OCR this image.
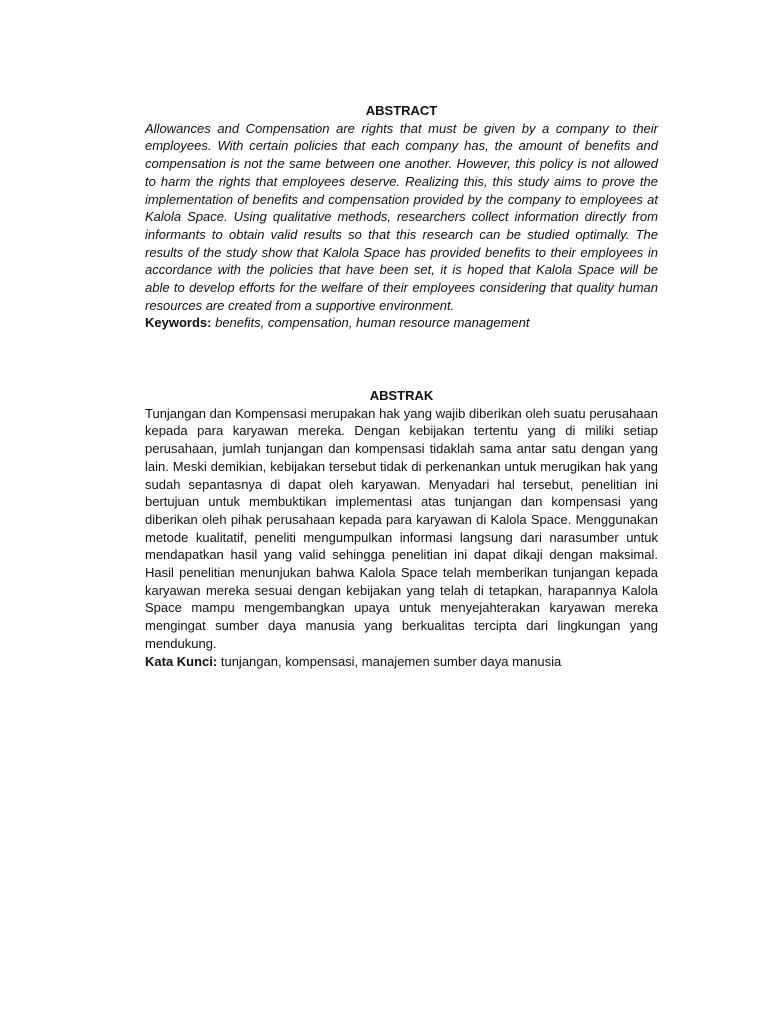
ABSTRACT

Allowances and Compensation are rights that must be given by a company to their employees. With certain policies that each company has, the amount of benefits and compensation is not the same between one another. However, this policy is not allowed to harm the rights that employees deserve. Realizing this, this study aims to prove the implementation of benefits and compensation provided by the company to employees at Kalola Space. Using qualitative methods, researchers collect information directly from informants to obtain valid results so that this research can be studied optimally. The results of the study show that Kalola Space has provided benefits to their employees in accordance with the policies that have been set, it is hoped that Kalola Space will be able to develop efforts for the welfare of their employees considering that quality human resources are created from a supportive environment.

Keywords: benefits, compensation, human resource management

ABSTRAK

Tunjangan dan Kompensasi merupakan hak yang wajib diberikan oleh suatu perusahaan kepada para karyawan mereka. Dengan kebijakan tertentu yang di miliki setiap perusahaan, jumlah tunjangan dan kompensasi tidaklah sama antar satu dengan yang lain. Meski demikian, kebijakan tersebut tidak di perkenankan untuk merugikan hak yang sudah sepantasnya di dapat oleh karyawan. Menyadari hal tersebut, penelitian ini bertujuan untuk membuktikan implementasi atas tunjangan dan kompensasi yang diberikan oleh pihak perusahaan kepada para karyawan di Kalola Space. Menggunakan metode kualitatif, peneliti mengumpulkan informasi langsung dari narasumber untuk mendapatkan hasil yang valid sehingga penelitian ini dapat dikaji dengan maksimal. Hasil penelitian menunjukan bahwa Kalola Space telah memberikan tunjangan kepada karyawan mereka sesuai dengan kebijakan yang telah di tetapkan, harapannya Kalola Space mampu mengembangkan upaya untuk menyejahterakan karyawan mereka mengingat sumber daya manusia yang berkualitas tercipta dari lingkungan yang mendukung.

Kata Kunci: tunjangan, kompensasi, manajemen sumber daya manusia
